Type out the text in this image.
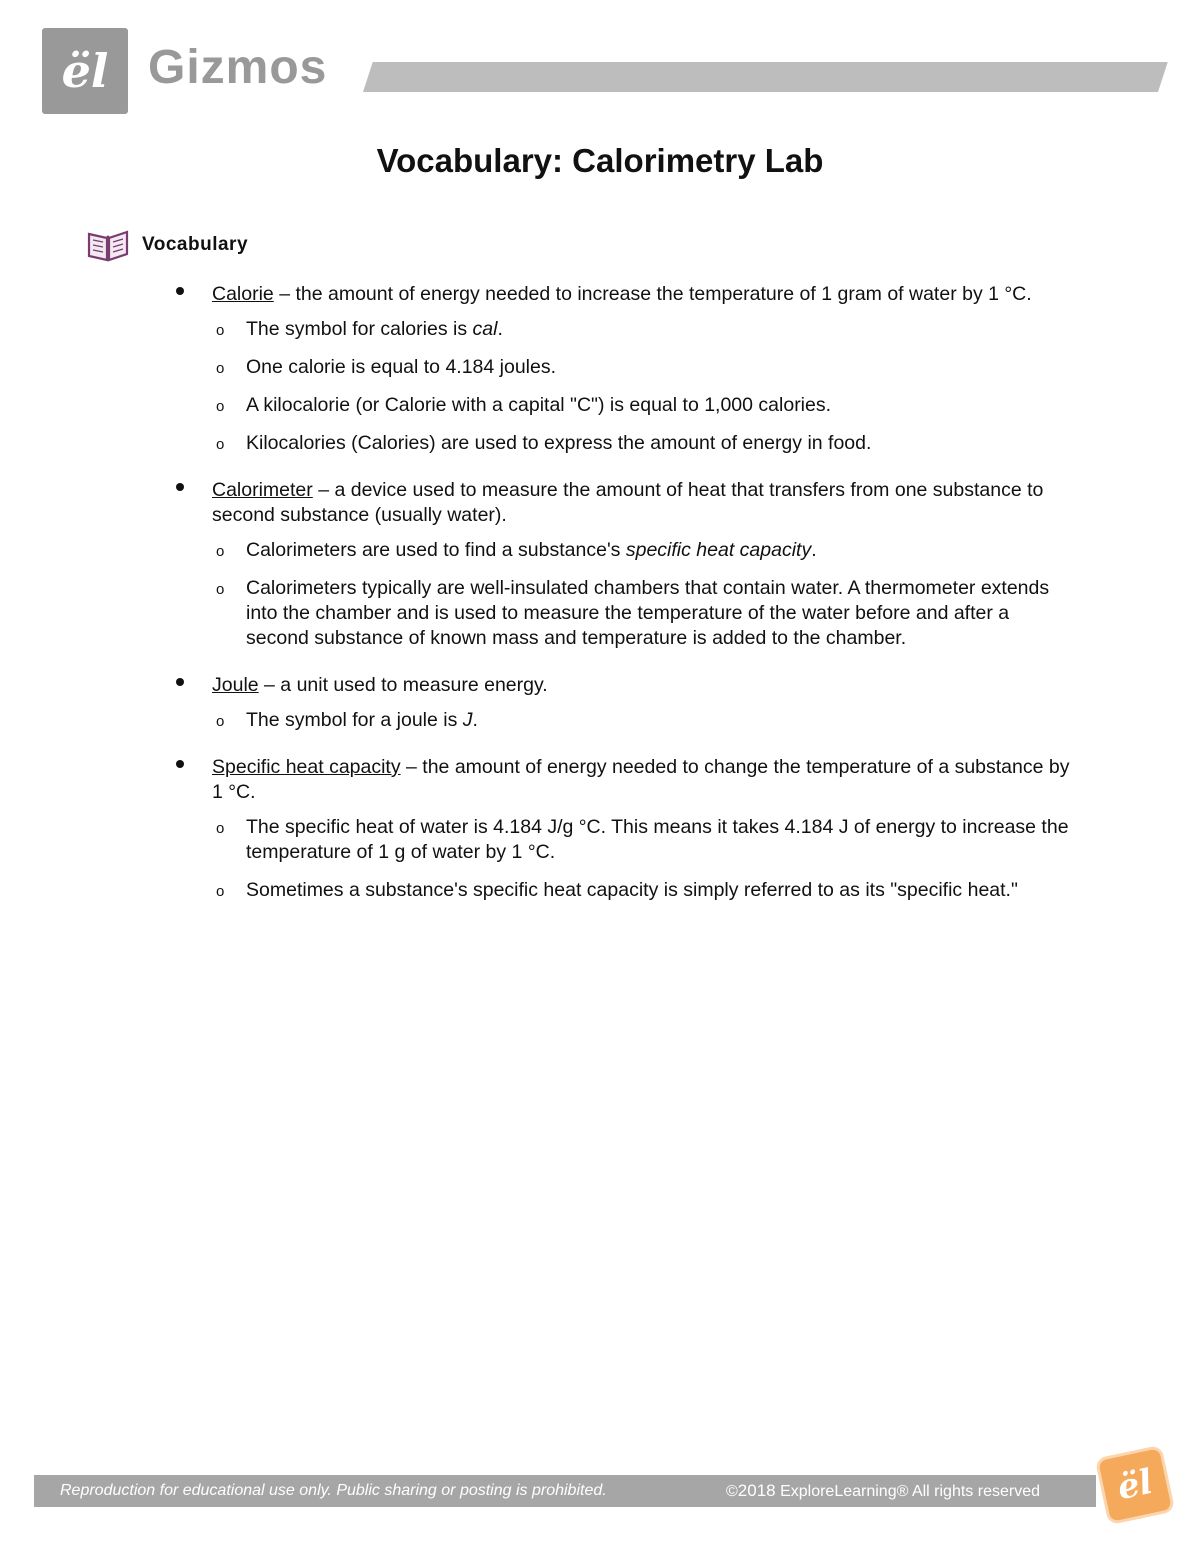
ël Gizmos
Vocabulary: Calorimetry Lab
Vocabulary
Calorie – the amount of energy needed to increase the temperature of 1 gram of water by 1 °C.
o The symbol for calories is cal.
o One calorie is equal to 4.184 joules.
o A kilocalorie (or Calorie with a capital "C") is equal to 1,000 calories.
o Kilocalories (Calories) are used to express the amount of energy in food.
Calorimeter – a device used to measure the amount of heat that transfers from one substance to second substance (usually water).
o Calorimeters are used to find a substance's specific heat capacity.
o Calorimeters typically are well-insulated chambers that contain water. A thermometer extends into the chamber and is used to measure the temperature of the water before and after a second substance of known mass and temperature is added to the chamber.
Joule – a unit used to measure energy.
o The symbol for a joule is J.
Specific heat capacity – the amount of energy needed to change the temperature of a substance by 1 °C.
o The specific heat of water is 4.184 J/g °C. This means it takes 4.184 J of energy to increase the temperature of 1 g of water by 1 °C.
o Sometimes a substance's specific heat capacity is simply referred to as its "specific heat."
Reproduction for educational use only. Public sharing or posting is prohibited.	©2018 ExploreLearning® All rights reserved ël
